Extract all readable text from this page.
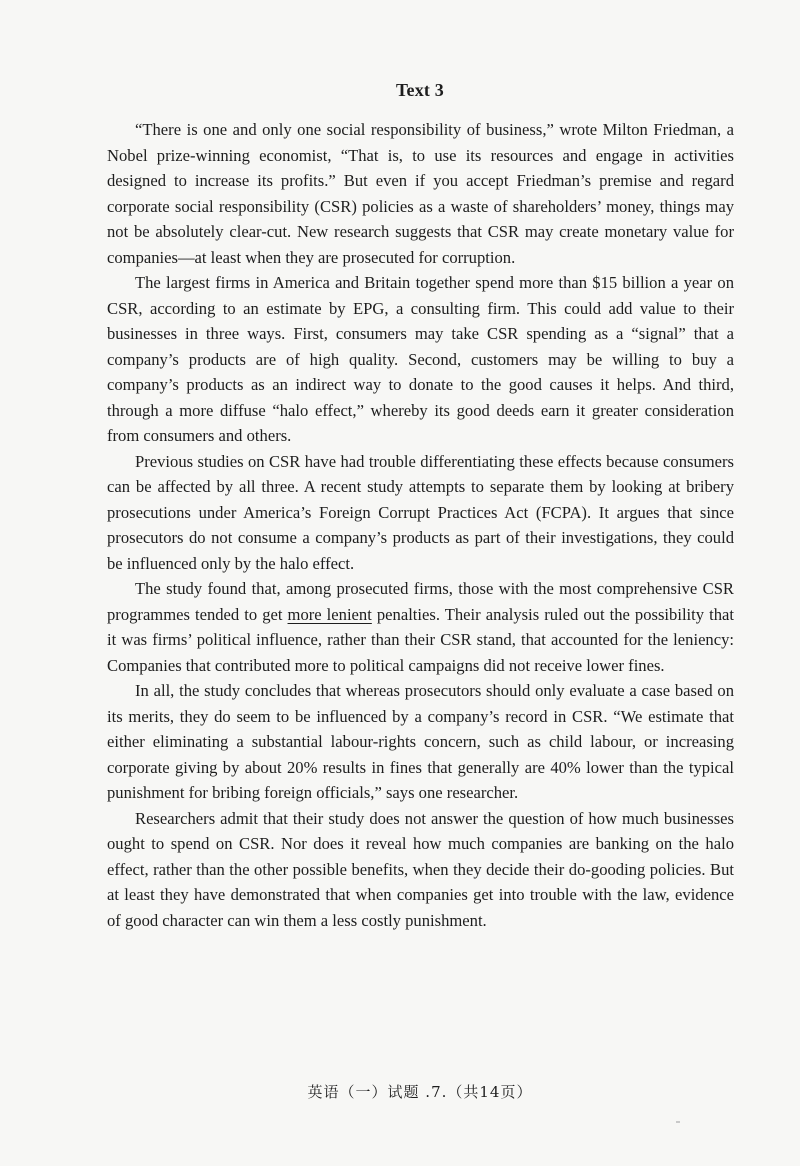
Text 3

“There is one and only one social responsibility of business,” wrote Milton Friedman, a Nobel prize-winning economist, “That is, to use its resources and engage in activities designed to increase its profits.” But even if you accept Friedman’s premise and regard corporate social responsibility (CSR) policies as a waste of shareholders’ money, things may not be absolutely clear-cut. New research suggests that CSR may create monetary value for companies—at least when they are prosecuted for corruption.

The largest firms in America and Britain together spend more than $15 billion a year on CSR, according to an estimate by EPG, a consulting firm. This could add value to their businesses in three ways. First, consumers may take CSR spending as a “signal” that a company’s products are of high quality. Second, customers may be willing to buy a company’s products as an indirect way to donate to the good causes it helps. And third, through a more diffuse “halo effect,” whereby its good deeds earn it greater consideration from consumers and others.

Previous studies on CSR have had trouble differentiating these effects because consumers can be affected by all three. A recent study attempts to separate them by looking at bribery prosecutions under America’s Foreign Corrupt Practices Act (FCPA). It argues that since prosecutors do not consume a company’s products as part of their investigations, they could be influenced only by the halo effect.

The study found that, among prosecuted firms, those with the most comprehensive CSR programmes tended to get more lenient penalties. Their analysis ruled out the possibility that it was firms’ political influence, rather than their CSR stand, that accounted for the leniency: Companies that contributed more to political campaigns did not receive lower fines.

In all, the study concludes that whereas prosecutors should only evaluate a case based on its merits, they do seem to be influenced by a company’s record in CSR. “We estimate that either eliminating a substantial labour-rights concern, such as child labour, or increasing corporate giving by about 20% results in fines that generally are 40% lower than the typical punishment for bribing foreign officials,” says one researcher.

Researchers admit that their study does not answer the question of how much businesses ought to spend on CSR. Nor does it reveal how much companies are banking on the halo effect, rather than the other possible benefits, when they decide their do-gooding policies. But at least they have demonstrated that when companies get into trouble with the law, evidence of good character can win them a less costly punishment.

英语（一）试题 .7.（共14页）
